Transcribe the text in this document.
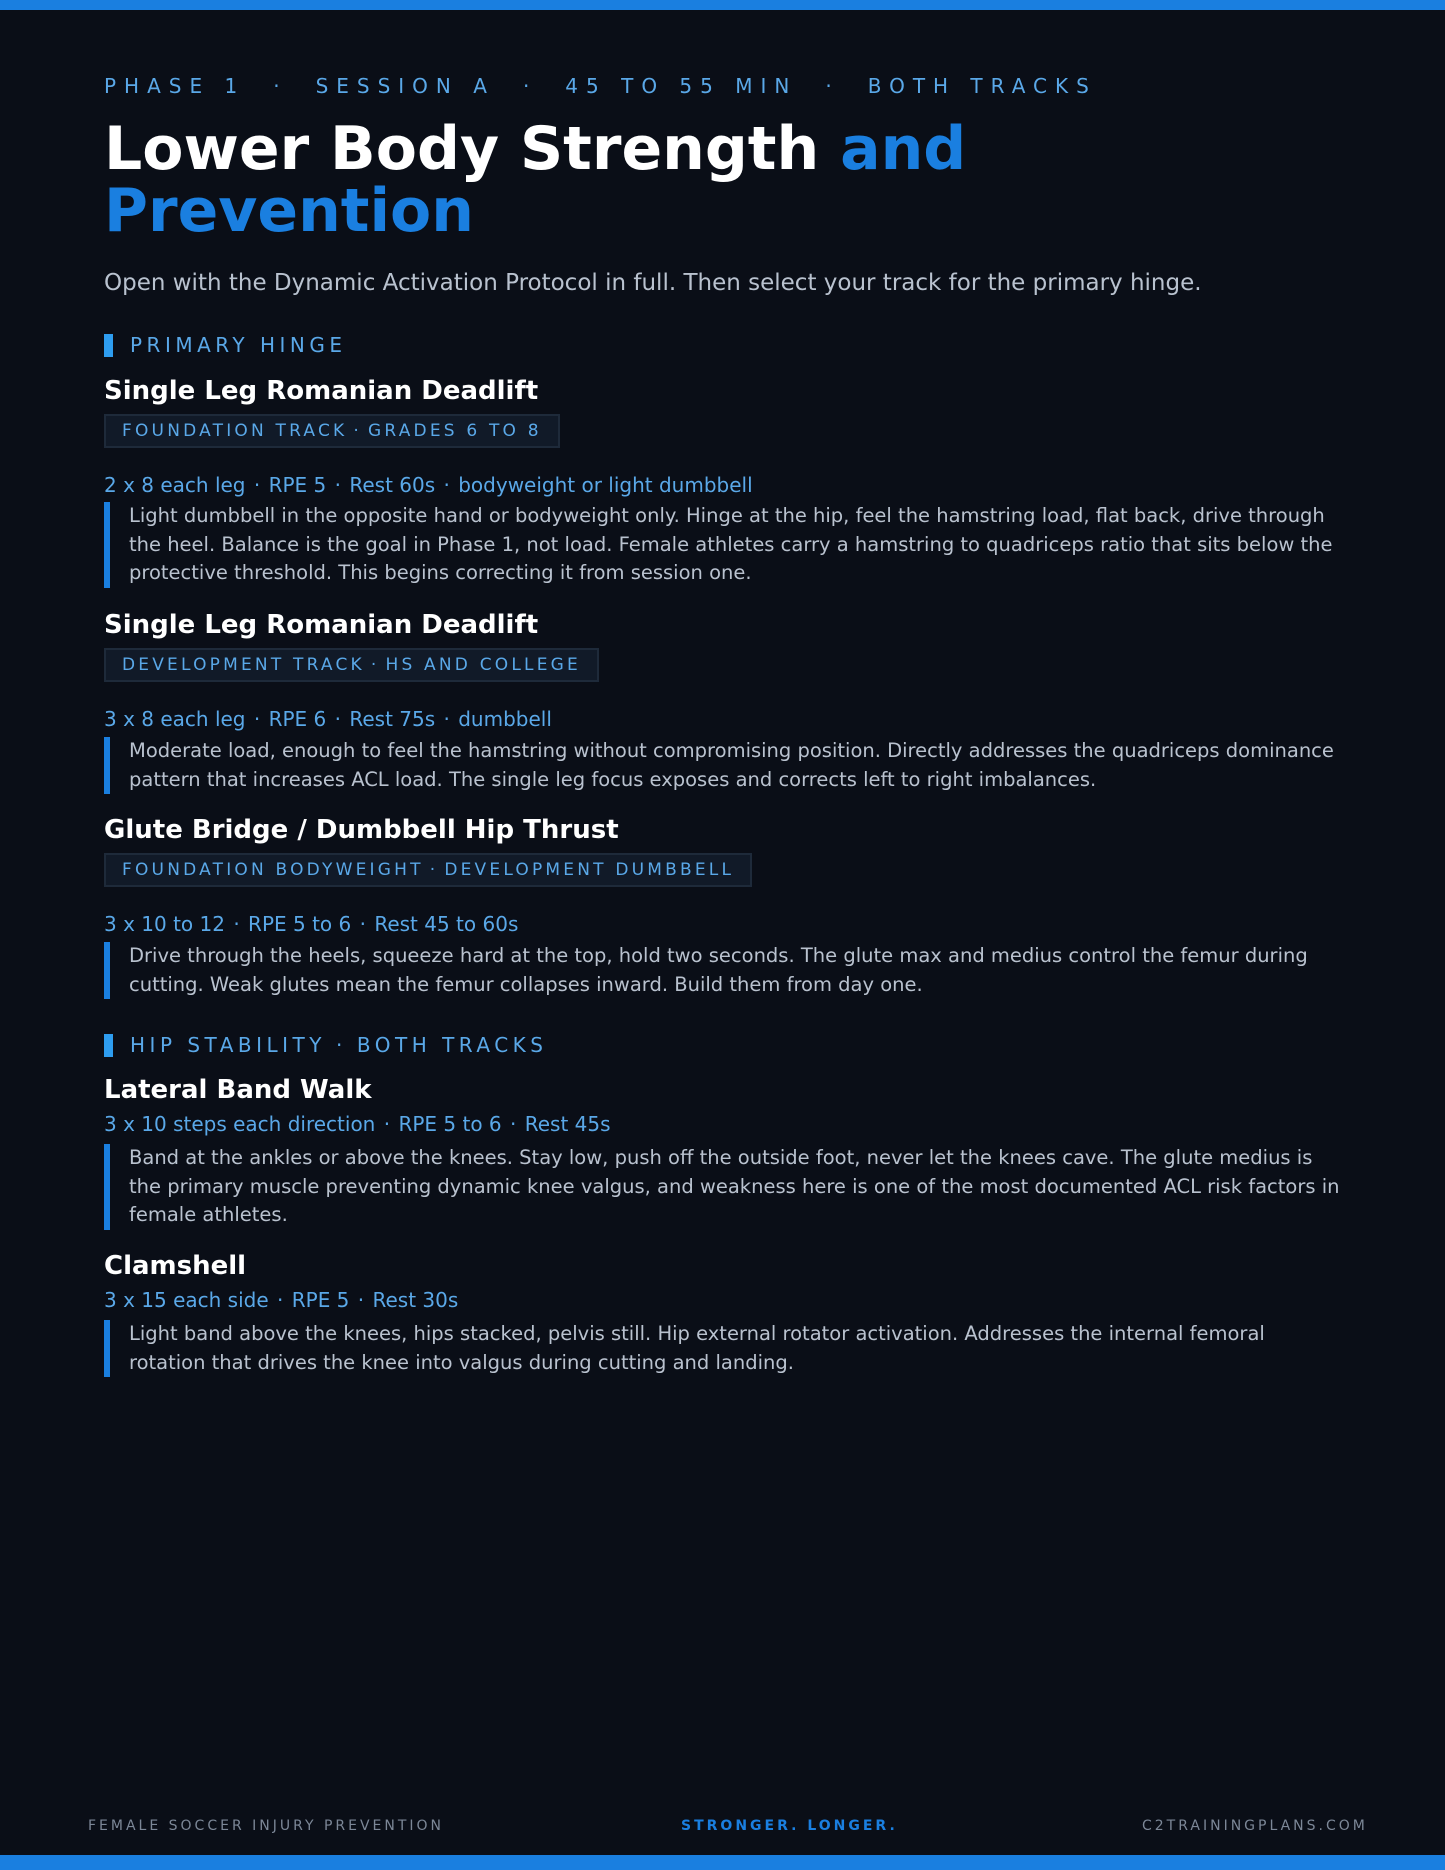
PHASE 1 · SESSION A · 45 TO 55 MIN · BOTH TRACKS
Lower Body Strength and
Prevention
Open with the Dynamic Activation Protocol in full. Then select your track for the primary hinge.
PRIMARY HINGE
Single Leg Romanian Deadlift
FOUNDATION TRACK · GRADES 6 TO 8
2 x 8 each leg · RPE 5 · Rest 60s · bodyweight or light dumbbell
Light dumbbell in the opposite hand or bodyweight only. Hinge at the hip, feel the hamstring load, flat back, drive through the heel. Balance is the goal in Phase 1, not load. Female athletes carry a hamstring to quadriceps ratio that sits below the protective threshold. This begins correcting it from session one.
Single Leg Romanian Deadlift
DEVELOPMENT TRACK · HS AND COLLEGE
3 x 8 each leg · RPE 6 · Rest 75s · dumbbell
Moderate load, enough to feel the hamstring without compromising position. Directly addresses the quadriceps dominance pattern that increases ACL load. The single leg focus exposes and corrects left to right imbalances.
Glute Bridge / Dumbbell Hip Thrust
FOUNDATION BODYWEIGHT · DEVELOPMENT DUMBBELL
3 x 10 to 12 · RPE 5 to 6 · Rest 45 to 60s
Drive through the heels, squeeze hard at the top, hold two seconds. The glute max and medius control the femur during cutting. Weak glutes mean the femur collapses inward. Build them from day one.
HIP STABILITY · BOTH TRACKS
Lateral Band Walk
3 x 10 steps each direction · RPE 5 to 6 · Rest 45s
Band at the ankles or above the knees. Stay low, push off the outside foot, never let the knees cave. The glute medius is the primary muscle preventing dynamic knee valgus, and weakness here is one of the most documented ACL risk factors in female athletes.
Clamshell
3 x 15 each side · RPE 5 · Rest 30s
Light band above the knees, hips stacked, pelvis still. Hip external rotator activation. Addresses the internal femoral rotation that drives the knee into valgus during cutting and landing.
FEMALE SOCCER INJURY PREVENTION	STRONGER. LONGER.	C2TRAININGPLANS.COM
